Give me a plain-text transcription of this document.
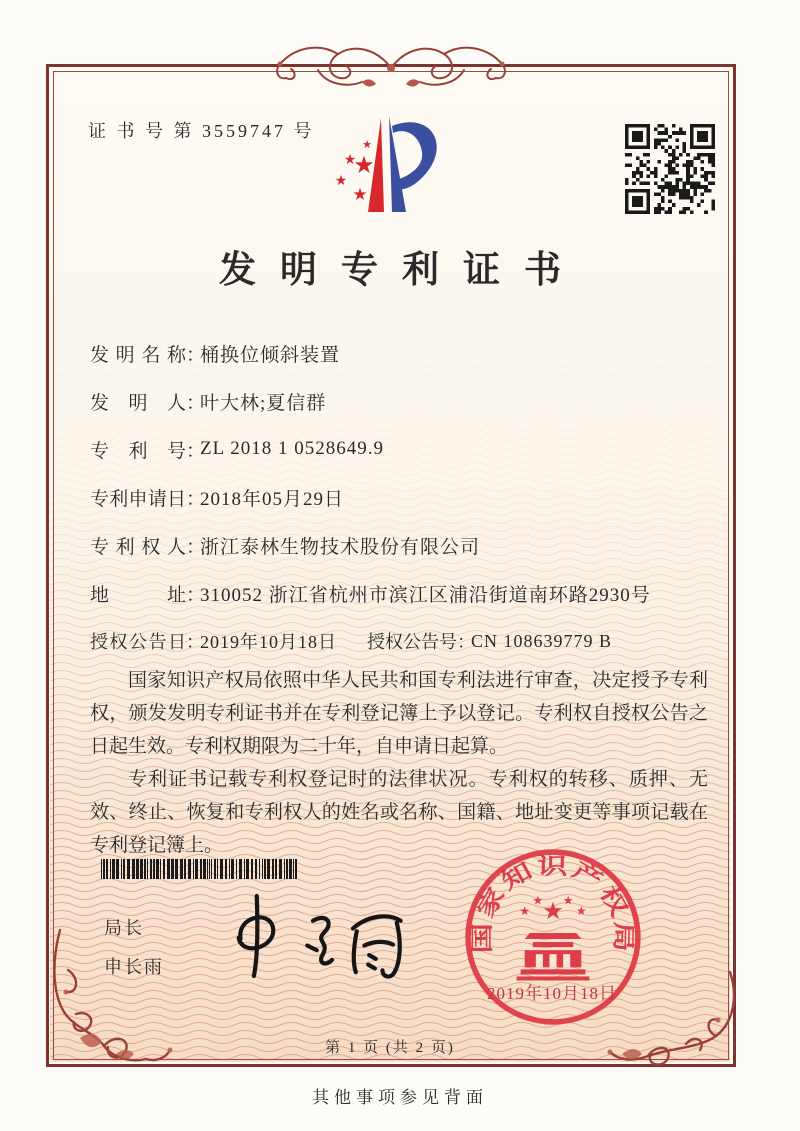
证 书 号 第 3559747 号
★
★
★
★
★
发明专利证书
发明名称 ：
桶换位倾斜装置
发明人 ：
叶大林;夏信群
专利号 ：
ZL 2018 1 0528649.9
专利申请日 ：
2018年05月29日
专利权人 ：
浙江泰林生物技术股份有限公司
地址 ：
310052 浙江省杭州市滨江区浦沿街道南环路2930号
授权公告日 ：
2019年10月18日 授权公告号 ：
CN 108639779 B

国家知识产权局依照中华人民共和国专利法进行审查，决定授予专利权，颁发发明专利证书并在专利登记簿上予以登记。专利权自授权公告之日起生效。专利权期限为二十年，自申请日起算。

专利证书记载专利权登记时的法律状况。专利权的转移、质押、无效、终止、恢复和专利权人的姓名或名称、国籍、地址变更等事项记载在专利登记簿上。

局长
申长雨
国家知识产权局
★
★
★ ★
★
2019年10月18日
第 1 页 (共 2 页)
其他事项参见背面
